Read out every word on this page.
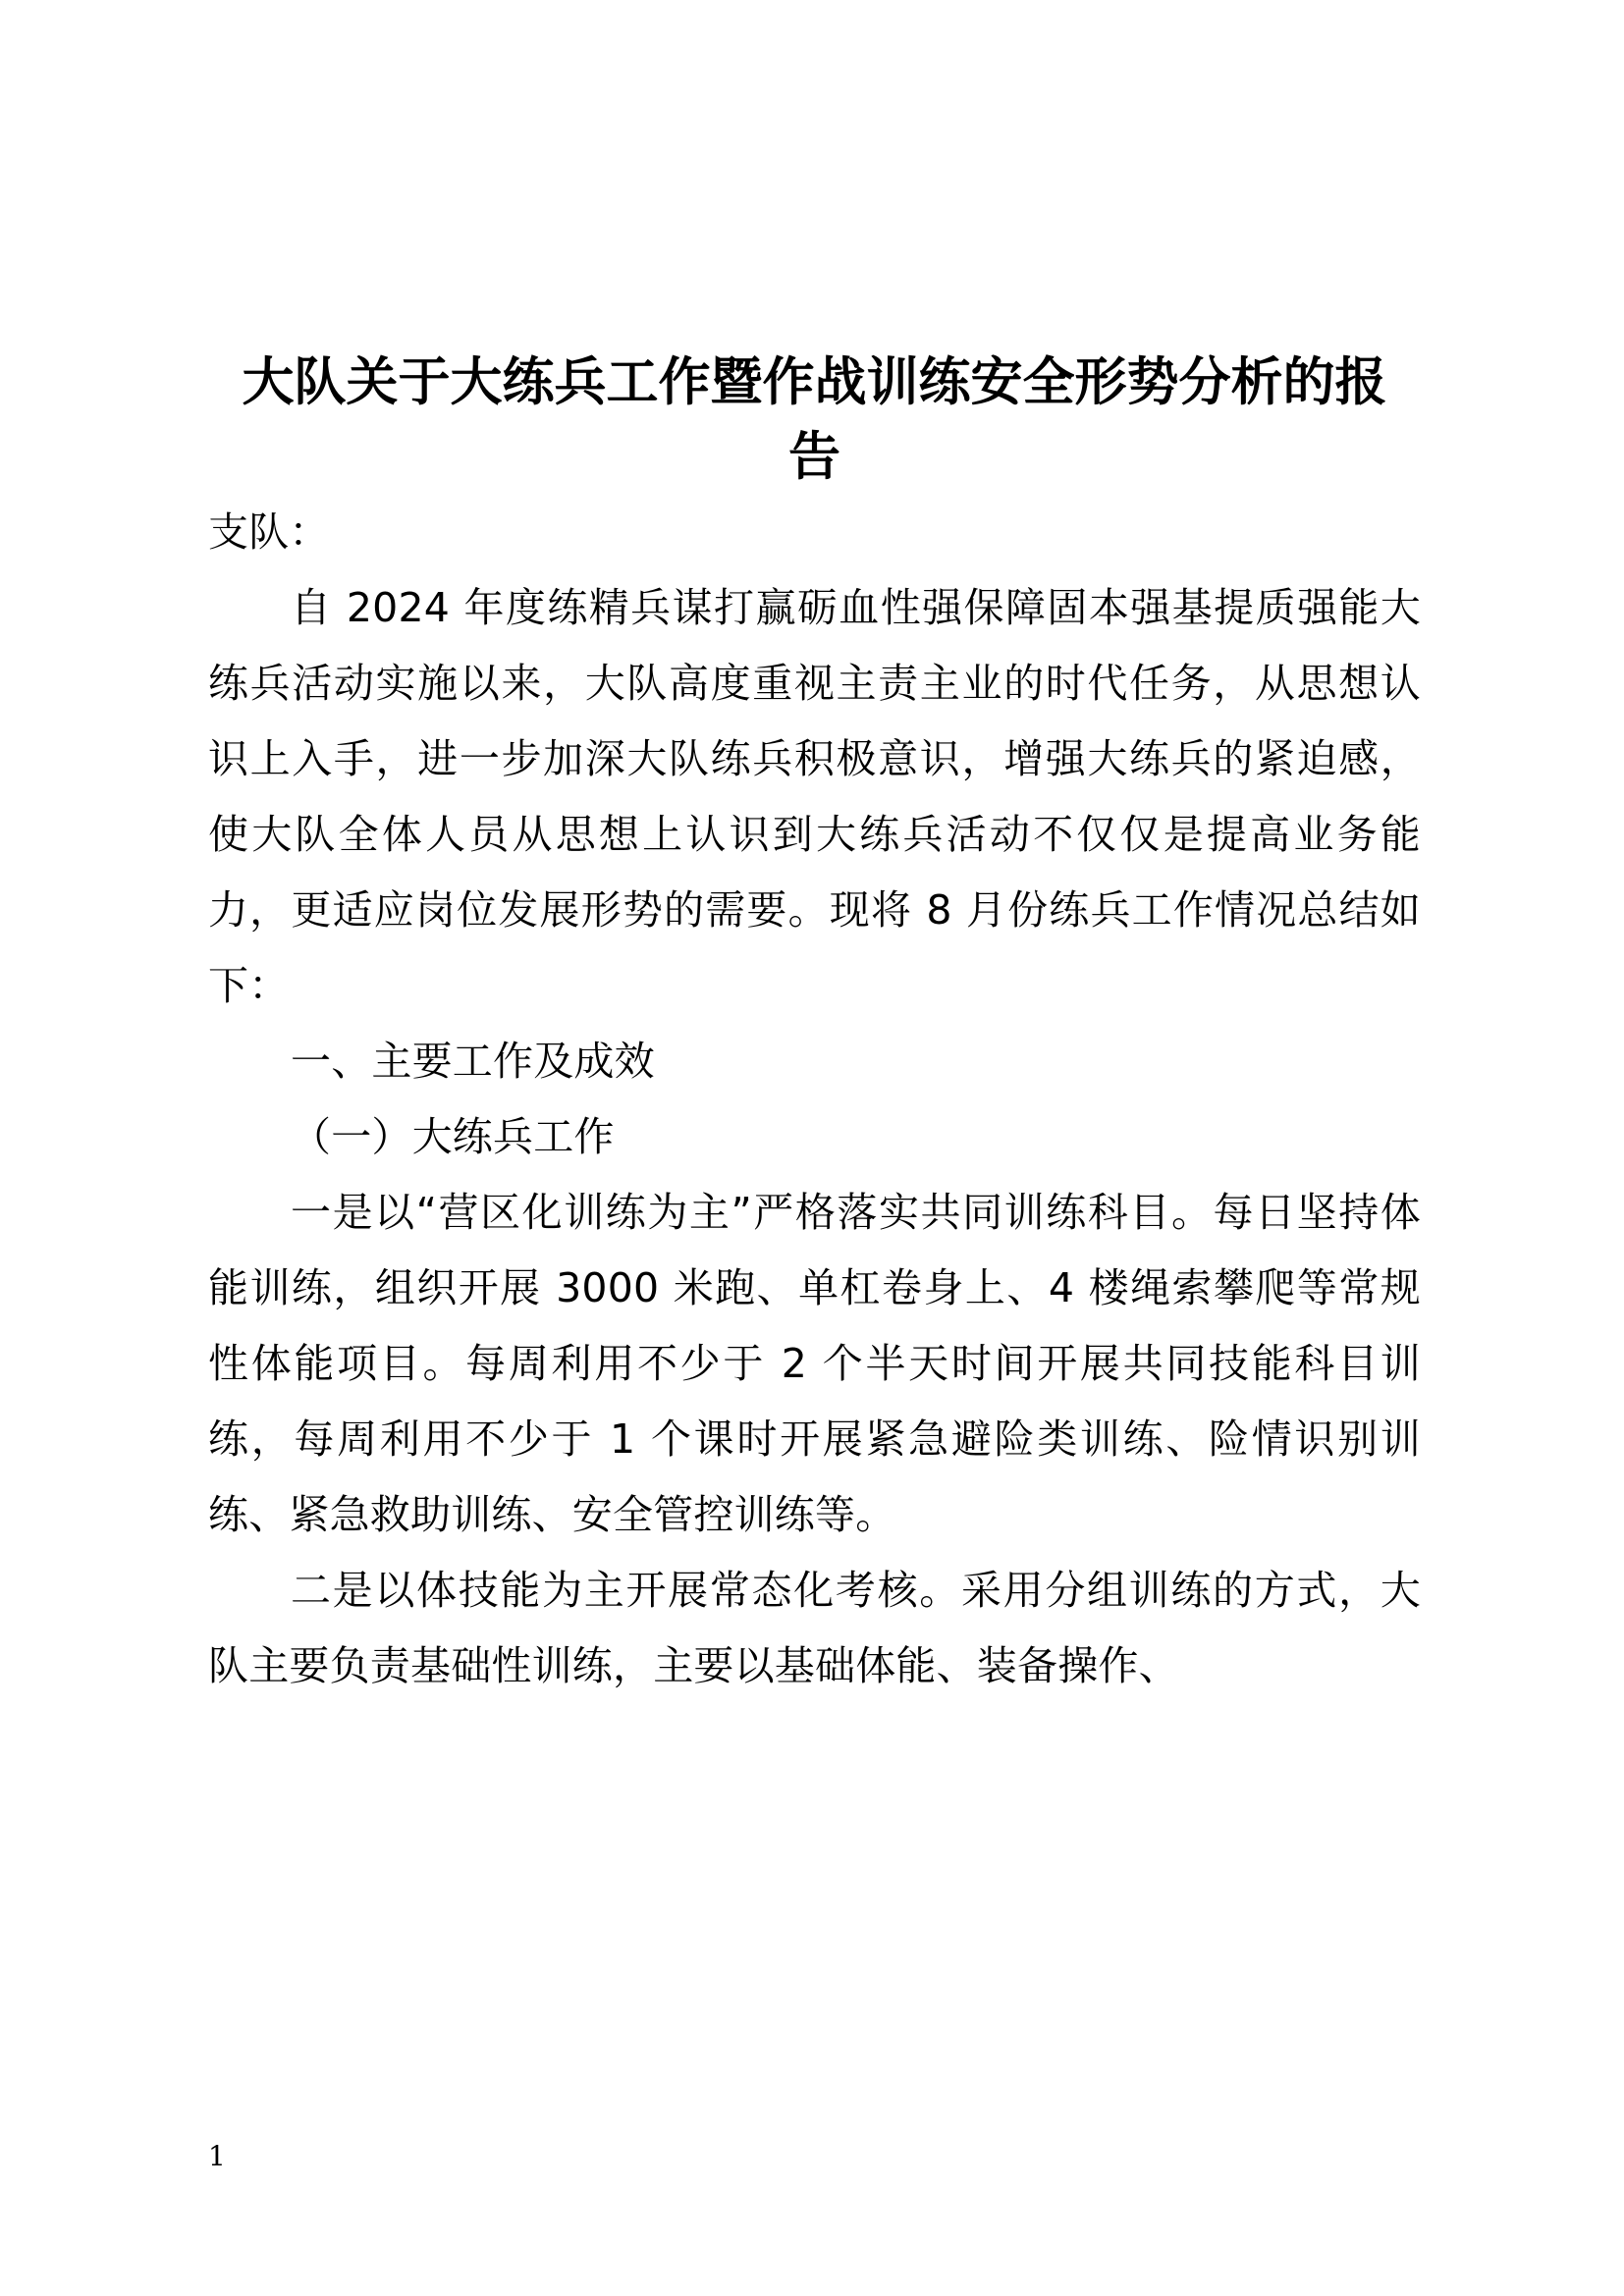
大队关于大练兵工作暨作战训练安全形势分析的报告

支队：

自 2024 年度练精兵谋打赢砺血性强保障固本强基提质强能大练兵活动实施以来，大队高度重视主责主业的时代任务，从思想认识上入手，进一步加深大队练兵积极意识，增强大练兵的紧迫感，使大队全体人员从思想上认识到大练兵活动不仅仅是提高业务能力，更适应岗位发展形势的需要。现将 8 月份练兵工作情况总结如下：

一、主要工作及成效

（一）大练兵工作

一是以“营区化训练为主”严格落实共同训练科目。每日坚持体能训练，组织开展 3000 米跑、单杠卷身上、4 楼绳索攀爬等常规性体能项目。每周利用不少于 2 个半天时间开展共同技能科目训练，每周利用不少于 1 个课时开展紧急避险类训练、险情识别训练、紧急救助训练、安全管控训练等。

二是以体技能为主开展常态化考核。采用分组训练的方式，大队主要负责基础性训练，主要以基础体能、装备操作、

1
